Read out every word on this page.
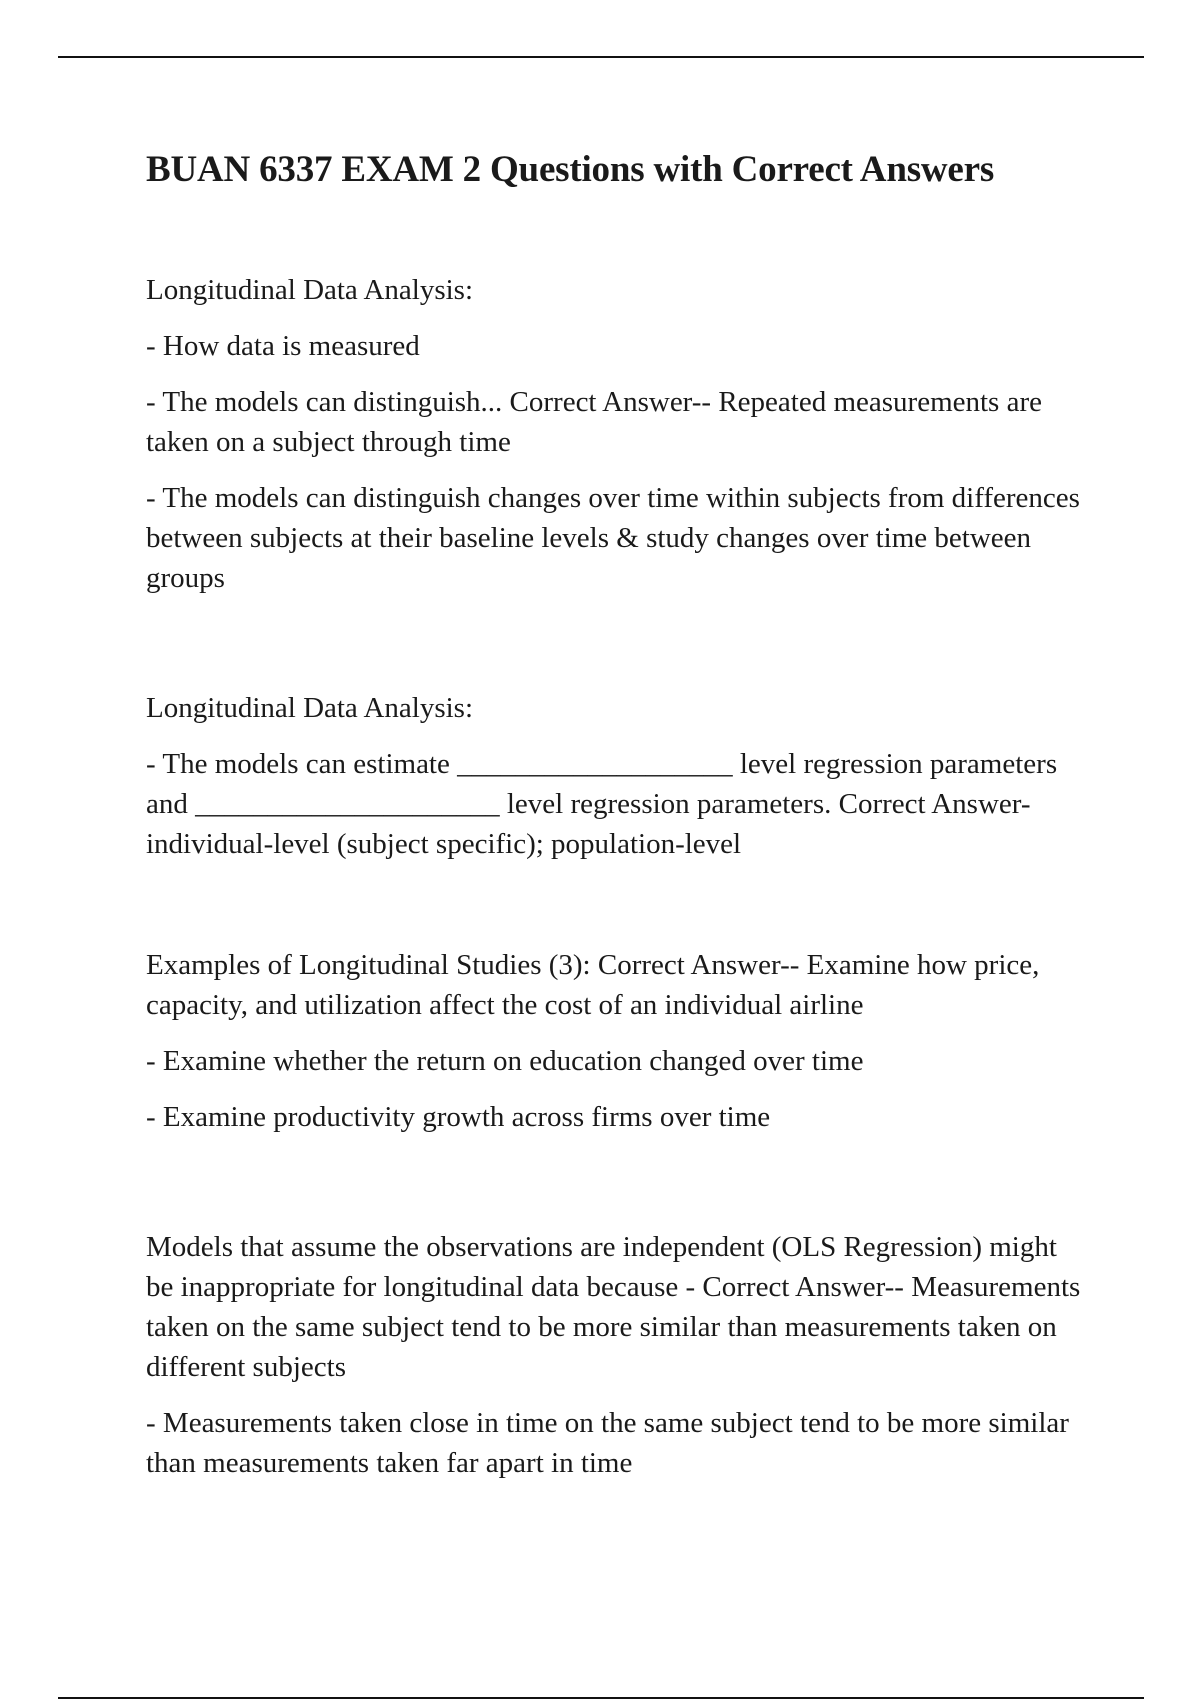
BUAN 6337 EXAM 2 Questions with Correct Answers

Longitudinal Data Analysis:

- How data is measured

- The models can distinguish... Correct Answer-- Repeated measurements are taken on a subject through time

- The models can distinguish changes over time within subjects from differences between subjects at their baseline levels & study changes over time between groups

Longitudinal Data Analysis:

- The models can estimate ___________________ level regression parameters and _____________________ level regression parameters. Correct Answer-individual-level (subject specific); population-level

Examples of Longitudinal Studies (3): Correct Answer-- Examine how price, capacity, and utilization affect the cost of an individual airline

- Examine whether the return on education changed over time

- Examine productivity growth across firms over time

Models that assume the observations are independent (OLS Regression) might be inappropriate for longitudinal data because - Correct Answer-- Measurements taken on the same subject tend to be more similar than measurements taken on different subjects

- Measurements taken close in time on the same subject tend to be more similar than measurements taken far apart in time
